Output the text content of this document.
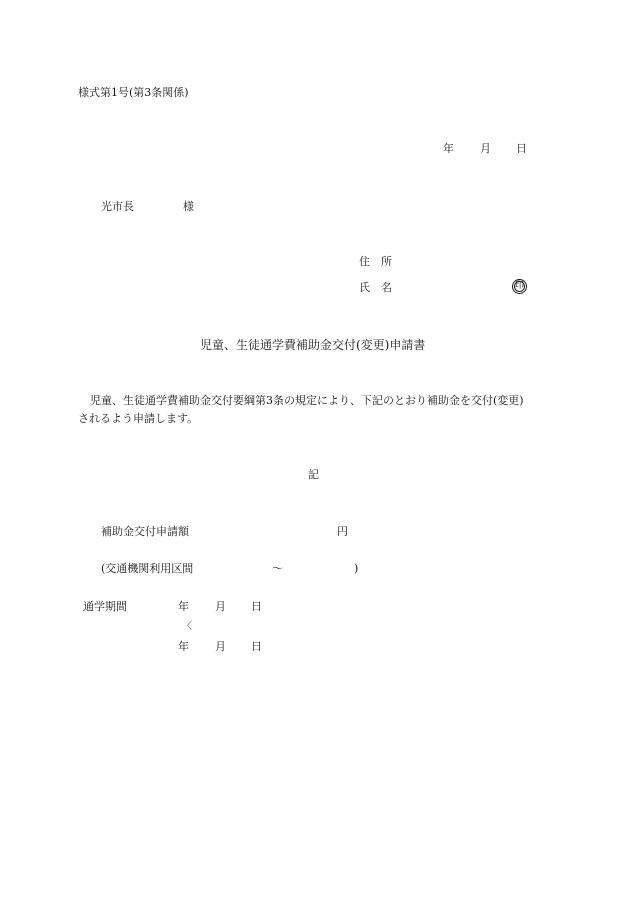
様式第1号(第3条関係)
年 月 日
光市長	様
住　所
氏　名	印
児童、生徒通学費補助金交付(変更)申請書
児童、生徒通学費補助金交付要綱第3条の規定により、下記のとおり補助金を交付(変更)
されるよう申請します。
記
補助金交付申請額	円
(交通機関利用区間	〜	)
通学期間	年 月 日
〈
年 月 日
